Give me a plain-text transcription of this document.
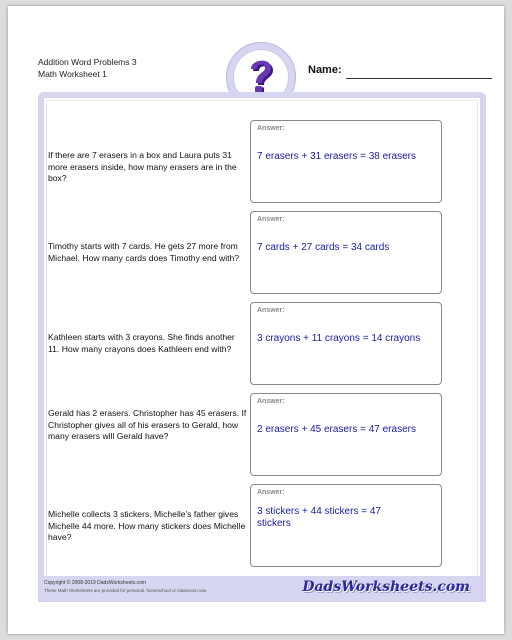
Addition Word Problems 3
Math Worksheet 1	Name:
If there are 7 erasers in a box and Laura puts 31 more erasers inside, how many erasers are in the box?
Answer:
7 erasers + 31 erasers = 38 erasers
Timothy starts with 7 cards. He gets 27 more from Michael. How many cards does Timothy end with?
Answer:
7 cards + 27 cards = 34 cards
Kathleen starts with 3 crayons. She finds another 11. How many crayons does Kathleen end with?
Answer:
3 crayons + 11 crayons = 14 crayons
Gerald has 2 erasers. Christopher has 45 erasers. If Christopher gives all of his erasers to Gerald, how many erasers will Gerald have?
Answer:
2 erasers + 45 erasers = 47 erasers
Michelle collects 3 stickers. Michelle's father gives Michelle 44 more. How many stickers does Michelle have?
Answer:
3 stickers + 44 stickers = 47 stickers
Copyright © 2008-2019 DadsWorksheets.com
These Math Worksheets are provided for personal, homeschool or classroom use.	DadsWorksheets.com
